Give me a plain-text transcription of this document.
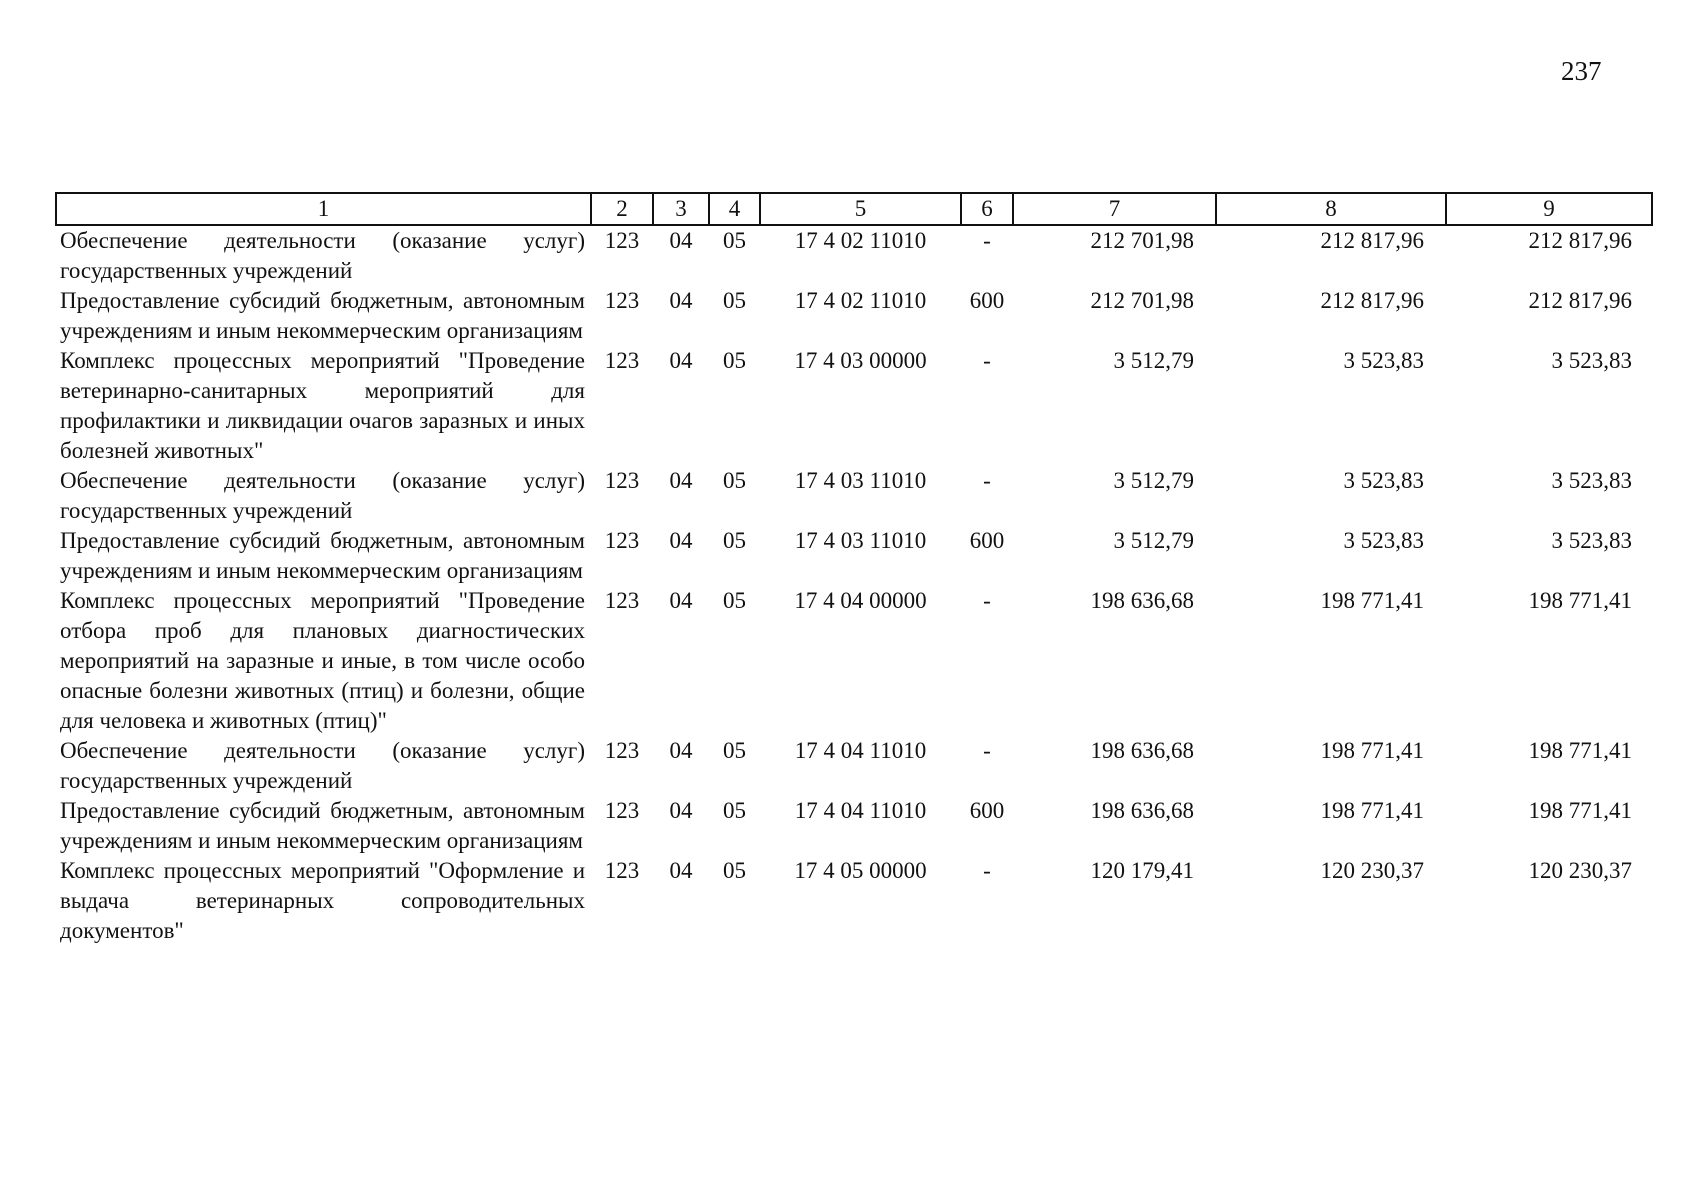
237
1	2	3	4	5	6	7	8	9
Обеспечение деятельности (оказание услуг) государственных учреждений	123	04	05	17 4 02 11010	-	212 701,98	212 817,96	212 817,96
Предоставление субсидий бюджетным, автономным учреждениям и иным некоммерческим организациям	123	04	05	17 4 02 11010	600	212 701,98	212 817,96	212 817,96
Комплекс процессных мероприятий "Проведение ветеринарно-санитарных мероприятий для профилактики и ликвидации очагов заразных и иных болезней животных"	123	04	05	17 4 03 00000	-	3 512,79	3 523,83	3 523,83
Обеспечение деятельности (оказание услуг) государственных учреждений	123	04	05	17 4 03 11010	-	3 512,79	3 523,83	3 523,83
Предоставление субсидий бюджетным, автономным учреждениям и иным некоммерческим организациям	123	04	05	17 4 03 11010	600	3 512,79	3 523,83	3 523,83
Комплекс процессных мероприятий "Проведение отбора проб для плановых диагностических мероприятий на заразные и иные, в том числе особо опасные болезни животных (птиц) и болезни, общие для человека и животных (птиц)"	123	04	05	17 4 04 00000	-	198 636,68	198 771,41	198 771,41
Обеспечение деятельности (оказание услуг) государственных учреждений	123	04	05	17 4 04 11010	-	198 636,68	198 771,41	198 771,41
Предоставление субсидий бюджетным, автономным учреждениям и иным некоммерческим организациям	123	04	05	17 4 04 11010	600	198 636,68	198 771,41	198 771,41
Комплекс процессных мероприятий "Оформление и выдача ветеринарных сопроводительных документов"	123	04	05	17 4 05 00000	-	120 179,41	120 230,37	120 230,37
